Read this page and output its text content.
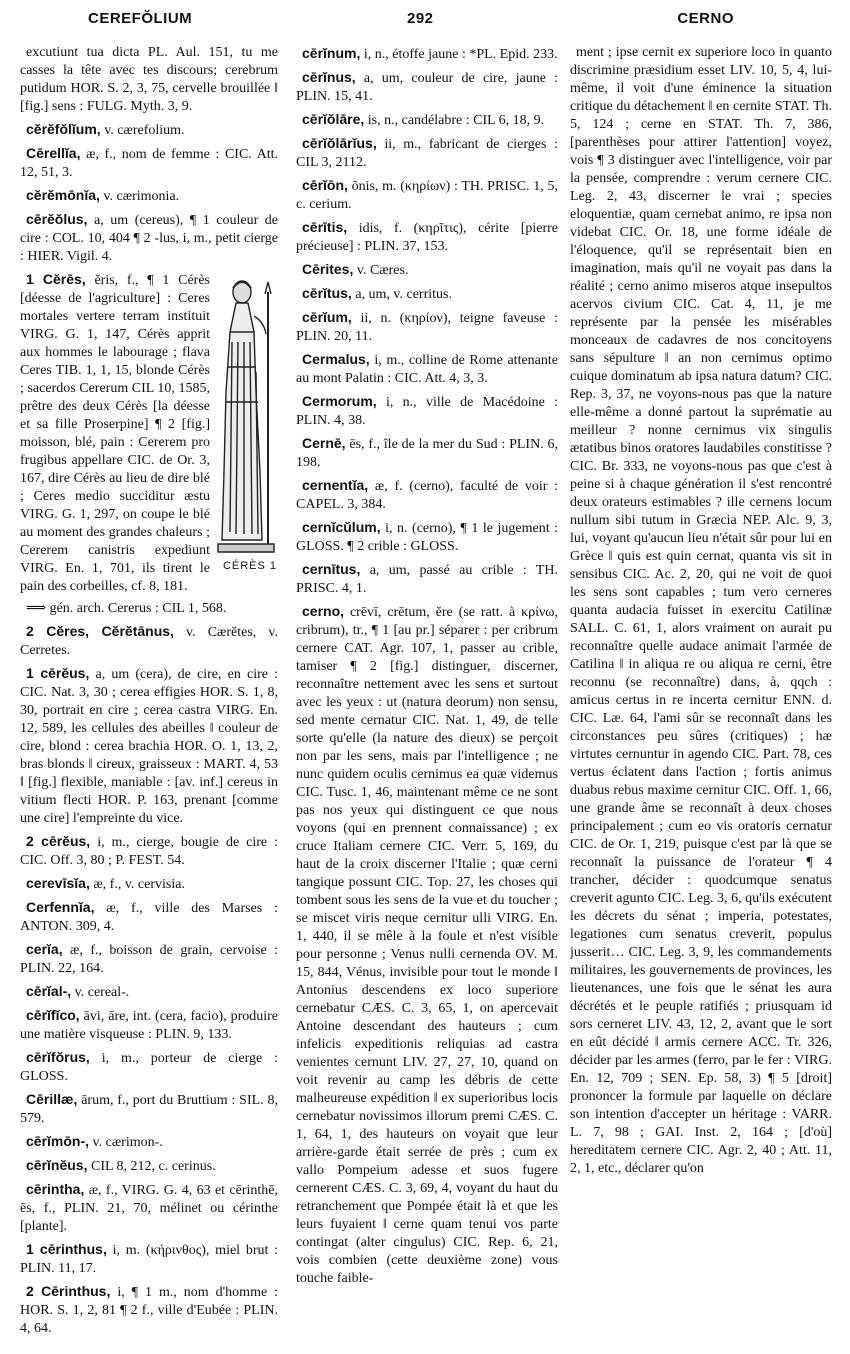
CEREFŎLIUM	292	CERNO

excutiunt tua dicta PL. Aul. 151, tu me casses la tête avec tes discours; cerebrum putidum HOR. S. 2, 3, 75, cervelle brouillée ‖ [fig.] sens : FULG. Myth. 3, 9.

cĕrĕfŏlĭum, v. cærefolium.

Cērellĭa, æ, f., nom de femme : CIC. Att. 12, 51, 3.

cĕrĕmōnĭa, v. cærimonia.

cērĕŏlus, a, um (cereus), ¶ 1 couleur de cire : COL. 10, 404 ¶ 2 -lus, i, m., petit cierge : HIER. Vigil. 4.

CÉRÈS 1
1 Cĕrēs, ĕris, f., ¶ 1 Cérès [déesse de l'agriculture] : Ceres mortales vertere terram instituit VIRG. G. 1, 147, Cérès apprit aux hommes le labourage ; flava Ceres TIB. 1, 1, 15, blonde Cérès ; sacerdos Cererum CIL 10, 1585, prêtre des deux Cérès [la déesse et sa fille Proserpine] ¶ 2 [fig.] moisson, blé, pain : Cererem pro frugibus appellare CIC. de Or. 3, 167, dire Cérès au lieu de dire blé ; Ceres medio succiditur æstu VIRG. G. 1, 297, on coupe le blé au moment des grandes chaleurs ; Cererem canistris expediunt VIRG. En. 1, 701, ils tirent le pain des corbeilles, cf. 8, 181.

⟹ gén. arch. Cererus : CIL 1, 568.

2 Cĕres, Cĕrĕtānus, v. Cærĕtes, v. Cerretes.

1 cērĕus, a, um (cera), de cire, en cire : CIC. Nat. 3, 30 ; cerea effigies HOR. S. 1, 8, 30, portrait en cire ; cerea castra VIRG. En. 12, 589, les cellules des abeilles ‖ couleur de cire, blond : cerea brachia HOR. O. 1, 13, 2, bras blonds ‖ cireux, graisseux : MART. 4, 53 ‖ [fig.] flexible, maniable : [av. inf.] cereus in vitium flecti HOR. P. 163, prenant [comme une cire] l'empreinte du vice.

2 cērĕus, i, m., cierge, bougie de cire : CIC. Off. 3, 80 ; P. FEST. 54.

cerevīsĭa, æ, f., v. cervisia.

Cerfennĭa, æ, f., ville des Marses : ANTON. 309, 4.

cerĭa, æ, f., boisson de grain, cervoise : PLIN. 22, 164.

cērĭal-, v. cereal-.

cērĭfĭco, āvi, āre, int. (cera, facio), produire une matière visqueuse : PLIN. 9, 133.

cērĭfŏrus, i, m., porteur de cierge : GLOSS.

Cērillæ, ārum, f., port du Bruttium : SIL. 8, 579.

cērĭmōn-, v. cærimon-.

cērĭnĕus, CIL 8, 212, c. cerinus.

cērintha, æ, f., VIRG. G. 4, 63 et cērinthē, ēs, f., PLIN. 21, 70, mélinet ou cérinthe [plante].

1 cērinthus, i, m. (κήρινθος), miel brut : PLIN. 11, 17.

2 Cērinthus, i, ¶ 1 m., nom d'homme : HOR. S. 1, 2, 81 ¶ 2 f., ville d'Eubée : PLIN. 4, 64.

cērĭnum, i, n., étoffe jaune : *PL. Epid. 233.

cērĭnus, a, um, couleur de cire, jaune : PLIN. 15, 41.

cērĭŏlāre, is, n., candélabre : CIL 6, 18, 9.

cērĭŏlārĭus, ii, m., fabricant de cierges : CIL 3, 2112.

cērĭōn, ōnis, m. (κηρίων) : TH. PRISC. 1, 5, c. cerium.

cērītis, idis, f. (κηρῖτις), cérite [pierre précieuse] : PLIN. 37, 153.

Cērites, v. Cæres.

cērĭtus, a, um, v. cerritus.

cērĭum, ii, n. (κηρίον), teigne faveuse : PLIN. 20, 11.

Cermalus, i, m., colline de Rome attenante au mont Palatin : CIC. Att. 4, 3, 3.

Cermorum, i, n., ville de Macédoine : PLIN. 4, 38.

Cernē, ēs, f., île de la mer du Sud : PLIN. 6, 198.

cernentĭa, æ, f. (cerno), faculté de voir : CAPEL. 3, 384.

cernĭcŭlum, i, n. (cerno), ¶ 1 le jugement : GLOSS. ¶ 2 crible : GLOSS.

cernītus, a, um, passé au crible : TH. PRISC. 4, 1.

cerno, crēvī, crētum, ĕre (se ratt. à κρίνω, cribrum), tr., ¶ 1 [au pr.] séparer : per cribrum cernere CAT. Agr. 107, 1, passer au crible, tamiser ¶ 2 [fig.] distinguer, discerner, reconnaître nettement avec les sens et surtout avec les yeux : ut (natura deorum) non sensu, sed mente cernatur CIC. Nat. 1, 49, de telle sorte qu'elle (la nature des dieux) se perçoit non par les sens, mais par l'intelligence ; ne nunc quidem oculis cernimus ea quæ videmus CIC. Tusc. 1, 46, maintenant même ce ne sont pas nos yeux qui distinguent ce que nous voyons (qui en prennent connaissance) ; ex cruce Italiam cernere CIC. Verr. 5, 169, du haut de la croix discerner l'Italie ; quæ cerni tangique possunt CIC. Top. 27, les choses qui tombent sous les sens de la vue et du toucher ; se miscet viris neque cernitur ulli VIRG. En. 1, 440, il se mêle à la foule et n'est visible pour personne ; Venus nulli cernenda OV. M. 15, 844, Vénus, invisible pour tout le monde ‖ Antonius descendens ex loco superiore cernebatur CÆS. C. 3, 65, 1, on apercevait Antoine descendant des hauteurs ; cum infelicis expeditionis reliquias ad castra venientes cernunt LIV. 27, 27, 10, quand on voit revenir au camp les débris de cette malheureuse expédition ‖ ex superioribus locis cernebatur novissimos illorum premi CÆS. C. 1, 64, 1, des hauteurs on voyait que leur arrière-garde était serrée de près ; cum ex vallo Pompeium adesse et suos fugere cernerent CÆS. C. 3, 69, 4, voyant du haut du retranchement que Pompée était là et que les leurs fuyaient ‖ cerne quam tenui vos parte contingat (alter cingulus) CIC. Rep. 6, 21, vois combien (cette deuxième zone) vous touche faible-

ment ; ipse cernit ex superiore loco in quanto discrimine præsidium esset LIV. 10, 5, 4, lui-même, il voit d'une éminence la situation critique du détachement ‖ en cernite STAT. Th. 5, 124 ; cerne en STAT. Th. 7, 386, [parenthèses pour attirer l'attention] voyez, vois ¶ 3 distinguer avec l'intelligence, voir par la pensée, comprendre : verum cernere CIC. Leg. 2, 43, discerner le vrai ; species eloquentiæ, quam cernebat animo, re ipsa non videbat CIC. Or. 18, une forme idéale de l'éloquence, qu'il se représentait bien en imagination, mais qu'il ne voyait pas dans la réalité ; cerno animo miseros atque insepultos acervos civium CIC. Cat. 4, 11, je me représente par la pensée les misérables monceaux de cadavres de nos concitoyens sans sépulture ‖ an non cernimus optimo cuique dominatum ab ipsa natura datum? CIC. Rep. 3, 37, ne voyons-nous pas que la nature elle-même a donné partout la suprématie au meilleur ? nonne cernimus vix singulis ætatibus binos oratores laudabiles constitisse ? CIC. Br. 333, ne voyons-nous pas que c'est à peine si à chaque génération il s'est rencontré deux orateurs estimables ? ille cernens locum nullum sibi tutum in Græcia NEP. Alc. 9, 3, lui, voyant qu'aucun lieu n'était sûr pour lui en Grèce ‖ quis est quin cernat, quanta vis sit in sensibus CIC. Ac. 2, 20, qui ne voit de quoi les sens sont capables ; tum vero cerneres quanta audacia fuisset in exercitu Catilinæ SALL. C. 61, 1, alors vraiment on aurait pu reconnaître quelle audace animait l'armée de Catilina ‖ in aliqua re ou aliqua re cerni, être reconnu (se reconnaître) dans, à, qqch : amicus certus in re incerta cernitur ENN. d. CIC. Læ. 64, l'ami sûr se reconnaît dans les circonstances peu sûres (critiques) ; hæ virtutes cernuntur in agendo CIC. Part. 78, ces vertus éclatent dans l'action ; fortis animus duabus rebus maxime cernitur CIC. Off. 1, 66, une grande âme se reconnaît à deux choses principalement ; cum eo vis oratoris cernatur CIC. de Or. 1, 219, puisque c'est par là que se reconnaît la puissance de l'orateur ¶ 4 trancher, décider : quodcumque senatus creverit agunto CIC. Leg. 3, 6, qu'ils exécutent les décrets du sénat ; imperia, potestates, legationes cum senatus creverit, populus jusserit… CIC. Leg. 3, 9, les commandements militaires, les gouvernements de provinces, les lieutenances, une fois que le sénat les aura décrétés et le peuple ratifiés ; priusquam id sors cerneret LIV. 43, 12, 2, avant que le sort en eût décidé ‖ armis cernere ACC. Tr. 326, décider par les armes (ferro, par le fer : VIRG. En. 12, 709 ; SEN. Ep. 58, 3) ¶ 5 [droit] prononcer la formule par laquelle on déclare son intention d'accepter un héritage : VARR. L. 7, 98 ; GAI. Inst. 2, 164 ; [d'où] hereditatem cernere CIC. Agr. 2, 40 ; Att. 11, 2, 1, etc., déclarer qu'on
